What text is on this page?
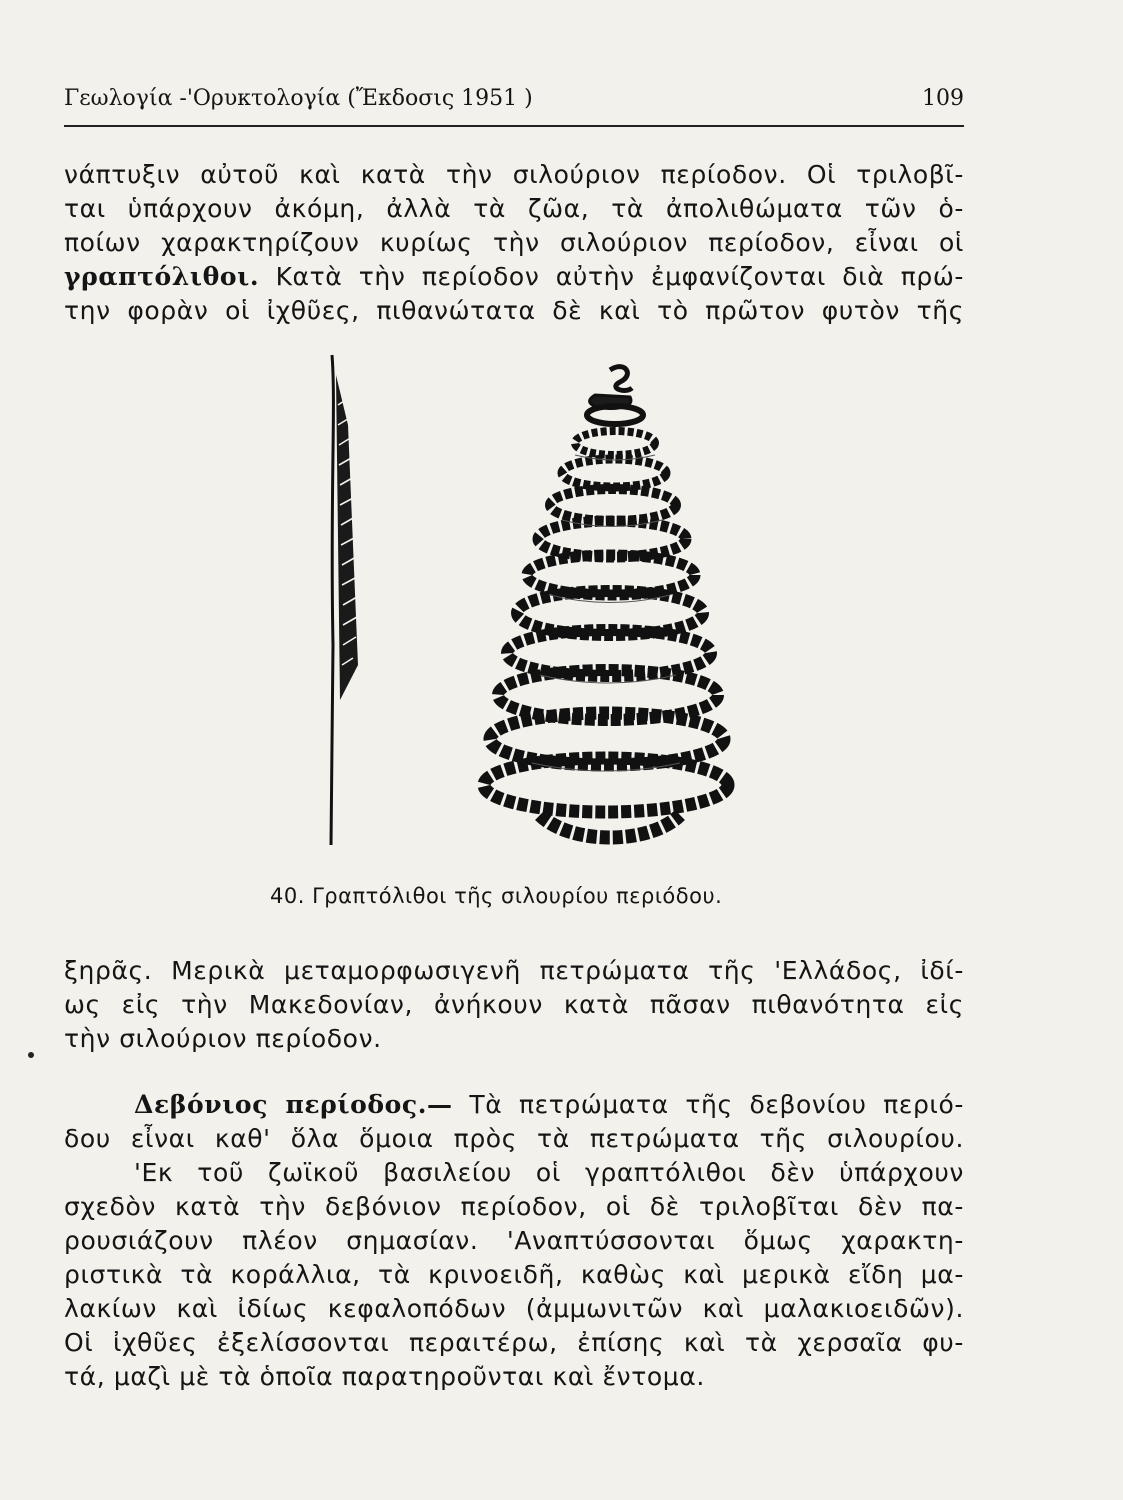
Γεωλογία -'Ορυκτολογία (Ἔκδοσις 1951 )	109
νάπτυξιν αὐτοῦ καὶ κατὰ τὴν σιλούριον περίοδον. Οἱ τριλοβῖ-
ται ὑπάρχουν ἀκόμη, ἀλλὰ τὰ ζῶα, τὰ ἀπολιθώματα τῶν ὁ-
ποίων χαρακτηρίζουν κυρίως τὴν σιλούριον περίοδον, εἶναι οἱ
γραπτόλιθοι. Κατὰ τὴν περίοδον αὐτὴν ἐμφανίζονται διὰ πρώ-
την φορὰν οἱ ἰχθῦες, πιθανώτατα δὲ καὶ τὸ πρῶτον φυτὸν τῆς
40. Γραπτόλιθοι τῆς σιλουρίου περιόδου.
ξηρᾶς. Μερικὰ μεταμορφωσιγενῆ πετρώματα τῆς 'Ελλάδος, ἰδί-
ως εἰς τὴν Μακεδονίαν, ἀνήκουν κατὰ πᾶσαν πιθανότητα εἰς
τὴν σιλούριον περίοδον.
Δεβόνιος περίοδος.— Τὰ πετρώματα τῆς δεβονίου περιό-
δου εἶναι καθ' ὅλα ὅμοια πρὸς τὰ πετρώματα τῆς σιλουρίου.
'Εκ τοῦ ζωϊκοῦ βασιλείου οἱ γραπτόλιθοι δὲν ὑπάρχουν
σχεδὸν κατὰ τὴν δεβόνιον περίοδον, οἱ δὲ τριλοβῖται δὲν πα-
ρουσιάζουν πλέον σημασίαν. 'Αναπτύσσονται ὅμως χαρακτη-
ριστικὰ τὰ κοράλλια, τὰ κρινοειδῆ, καθὼς καὶ μερικὰ εἴδη μα-
λακίων καὶ ἰδίως κεφαλοπόδων (ἀμμωνιτῶν καὶ μαλακιοειδῶν).
Οἱ ἰχθῦες ἐξελίσσονται περαιτέρω, ἐπίσης καὶ τὰ χερσαῖα φυ-
τά, μαζὶ μὲ τὰ ὁποῖα παρατηροῦνται καὶ ἔντομα.
